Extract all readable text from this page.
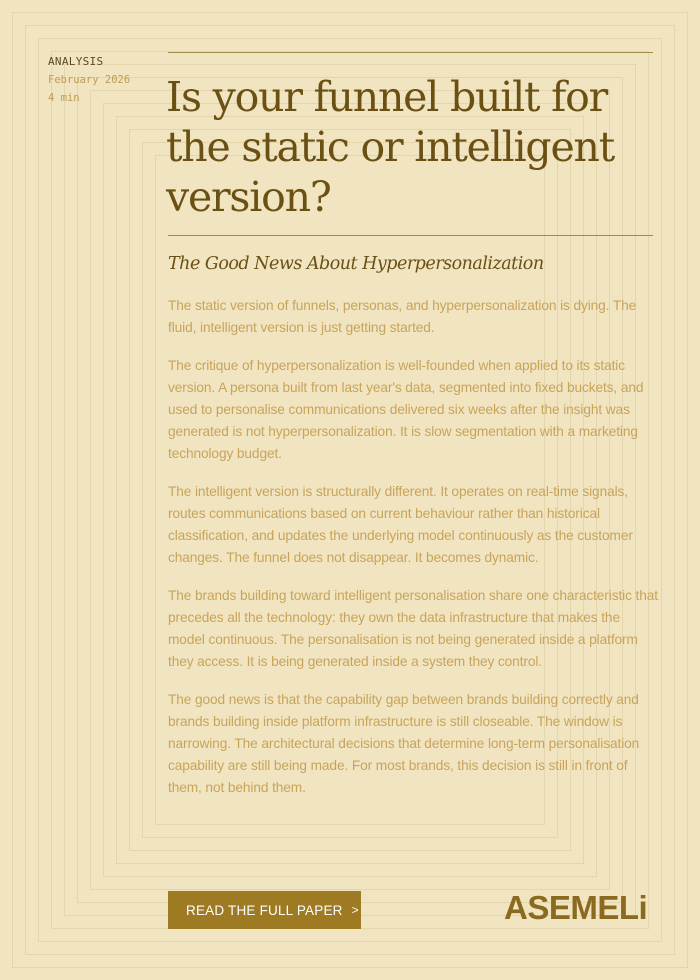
ANALYSIS
February 2026
4 min	Is your funnel built for the static or intelligent version?
The Good News About Hyperpersonalization

The static version of funnels, personas, and hyperpersonalization is dying. The fluid, intelligent version is just getting started.

The critique of hyperpersonalization is well-founded when applied to its static version. A persona built from last year's data, segmented into fixed buckets, and used to personalise communications delivered six weeks after the insight was generated is not hyperpersonalization. It is slow segmentation with a marketing technology budget.

The intelligent version is structurally different. It operates on real-time signals, routes communications based on current behaviour rather than historical classification, and updates the underlying model continuously as the customer changes. The funnel does not disappear. It becomes dynamic.

The brands building toward intelligent personalisation share one characteristic that precedes all the technology: they own the data infrastructure that makes the model continuous. The personalisation is not being generated inside a platform they access. It is being generated inside a system they control.

The good news is that the capability gap between brands building correctly and brands building inside platform infrastructure is still closeable. The window is narrowing. The architectural decisions that determine long-term personalisation capability are still being made. For most brands, this decision is still in front of them, not behind them.

READ THE FULL PAPER >	ASEMELi
